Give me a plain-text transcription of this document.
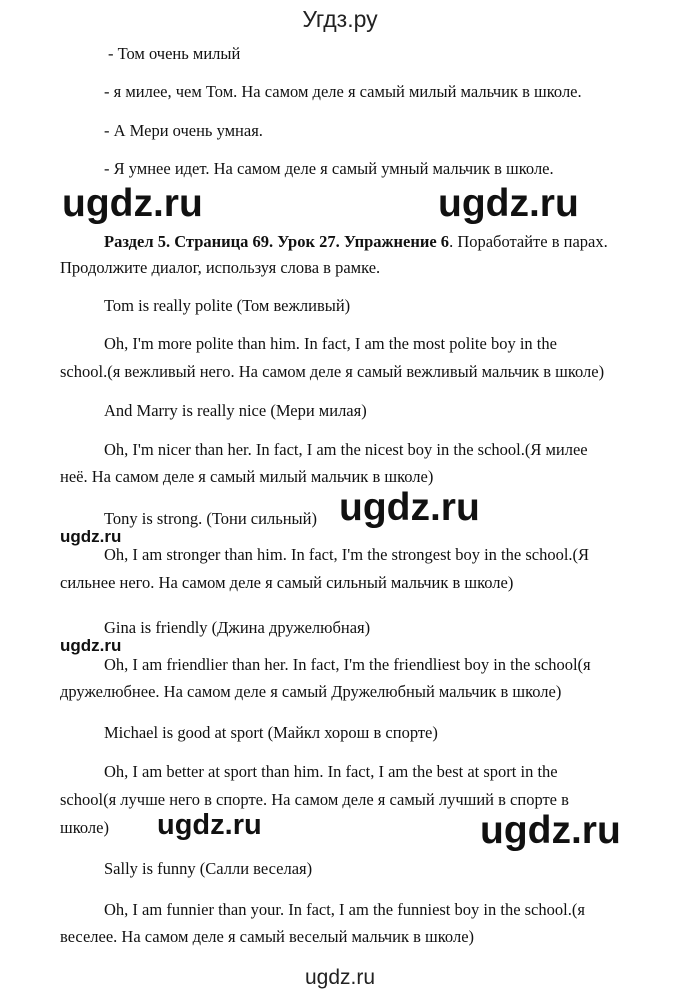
Угдз.ру
- Том очень милый
- я милее, чем Том. На самом деле я самый милый мальчик в школе.
- А Мери очень умная.
- Я умнее идет. На самом деле я самый умный мальчик в школе.
Раздел 5. Страница 69. Урок 27. Упражнение 6. Поработайте в парах.
Продолжите диалог, используя слова в рамке.
Tom is really polite (Том вежливый)
Oh, I'm more polite than him. In fact, I am the most polite boy in the
school.(я вежливый него. На самом деле я самый вежливый мальчик в школе)
And Marry is really nice (Мери милая)
Oh, I'm nicer than her. In fact, I am the nicest boy in the school.(Я милее
неё. На самом деле я самый милый мальчик в школе)
Tony is strong. (Тони сильный)
Oh, I am stronger than him. In fact, I'm the strongest boy in the school.(Я
сильнее него. На самом деле я самый сильный мальчик в школе)
Gina is friendly (Джина дружелюбная)
Oh, I am friendlier than her. In fact, I'm the friendliest boy in the school(я
дружелюбнее. На самом деле я самый Дружелюбный мальчик в школе)
Michael is good at sport (Майкл хорош в спорте)
Oh, I am better at sport than him. In fact, I am the best at sport in the
school(я лучше него в спорте. На самом деле я самый лучший в спорте в
школе)
Sally is funny (Салли веселая)
Oh, I am funnier than your. In fact, I am the funniest boy in the school.(я
веселее. На самом деле я самый веселый мальчик в школе)
ugdz.ru	ugdz.ru
ugdz.ru
ugdz.ru
ugdz.ru
ugdz.ru	ugdz.ru
ugdz.ru
